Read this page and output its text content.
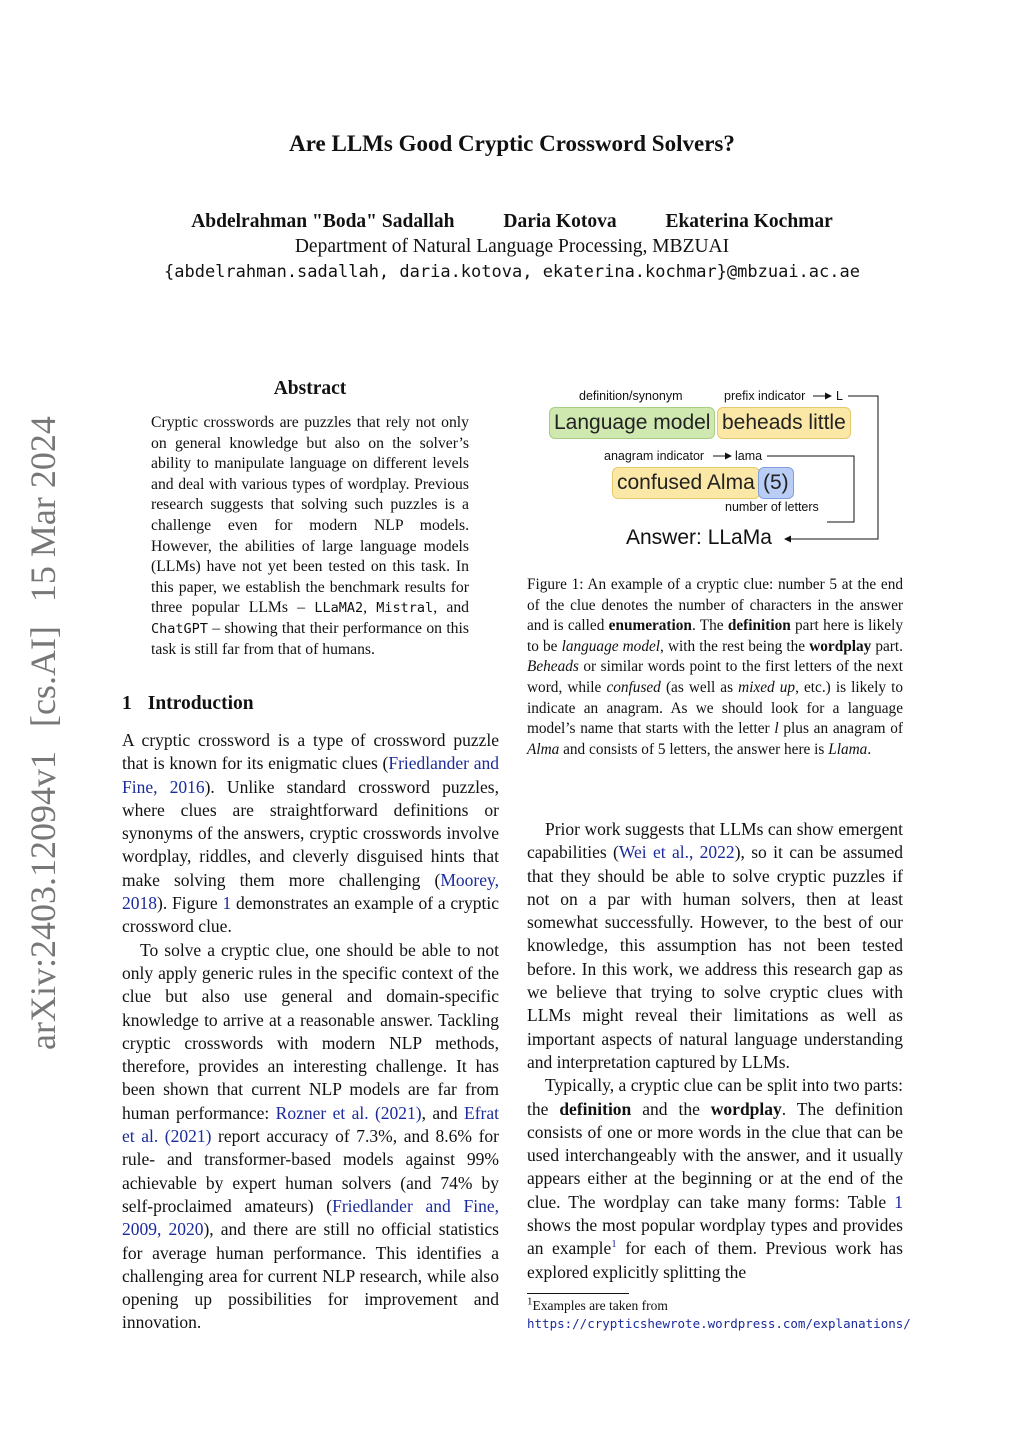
Are LLMs Good Cryptic Crossword Solvers?
Abdelrahman "Boda" Sadallah	Daria Kotova	Ekaterina Kochmar
Department of Natural Language Processing, MBZUAI
{abdelrahman.sadallah, daria.kotova, ekaterina.kochmar}@mbzuai.ac.ae
arXiv:2403.12094v1[cs.AI]15 Mar 2024
Abstract
Cryptic crosswords are puzzles that rely not only on general knowledge but also on the solver’s ability to manipulate language on different levels and deal with various types of wordplay. Previous research suggests that solving such puzzles is a challenge even for modern NLP models. However, the abilities of large language models (LLMs) have not yet been tested on this task. In this paper, we establish the benchmark results for three popular LLMs – LLaMA2, Mistral, and ChatGPT – showing that their performance on this task is still far from that of humans.
1 Introduction

A cryptic crossword is a type of crossword puzzle that is known for its enigmatic clues (Friedlander and Fine, 2016). Unlike standard crossword puzzles, where clues are straightforward definitions or synonyms of the answers, cryptic crosswords involve wordplay, riddles, and cleverly disguised hints that make solving them more challenging (Moorey, 2018). Figure 1 demonstrates an example of a cryptic crossword clue.

To solve a cryptic clue, one should be able to not only apply generic rules in the specific context of the clue but also use general and domain-specific knowledge to arrive at a reasonable answer. Tackling cryptic crosswords with modern NLP methods, therefore, provides an interesting challenge. It has been shown that current NLP models are far from human performance: Rozner et al. (2021), and Efrat et al. (2021) report accuracy of 7.3%, and 8.6% for rule- and transformer-based models against 99% achievable by expert human solvers (and 74% by self-proclaimed amateurs) (Friedlander and Fine, 2009, 2020), and there are still no official statistics for average human performance. This identifies a challenging area for current NLP research, while also opening up possibilities for improvement and innovation.

definition/synonym	prefix indicator L
Language model beheads little
anagram indicator lama
confused Alma (5)
number of letters
Answer: LLaMa
Figure 1: An example of a cryptic clue: number 5 at the end of the clue denotes the number of characters in the answer and is called enumeration. The definition part here is likely to be language model, with the rest being the wordplay part. Beheads or similar words point to the first letters of the next word, while confused (as well as mixed up, etc.) is likely to indicate an anagram. As we should look for a language model’s name that starts with the letter l plus an anagram of Alma and consists of 5 letters, the answer here is Llama.

Prior work suggests that LLMs can show emergent capabilities (Wei et al., 2022), so it can be assumed that they should be able to solve cryptic puzzles if not on a par with human solvers, then at least somewhat successfully. However, to the best of our knowledge, this assumption has not been tested before. In this work, we address this research gap as we believe that trying to solve cryptic clues with LLMs might reveal their limitations as well as important aspects of natural language understanding and interpretation captured by LLMs.

Typically, a cryptic clue can be split into two parts: the definition and the wordplay. The definition consists of one or more words in the clue that can be used interchangeably with the answer, and it usually appears either at the beginning or at the end of the clue. The wordplay can take many forms: Table 1 shows the most popular wordplay types and provides an example$^1$ for each of them. Previous work has explored explicitly splitting the

$^1$Examples are taken from https://crypticshewrote.wordpress.com/explanations/
